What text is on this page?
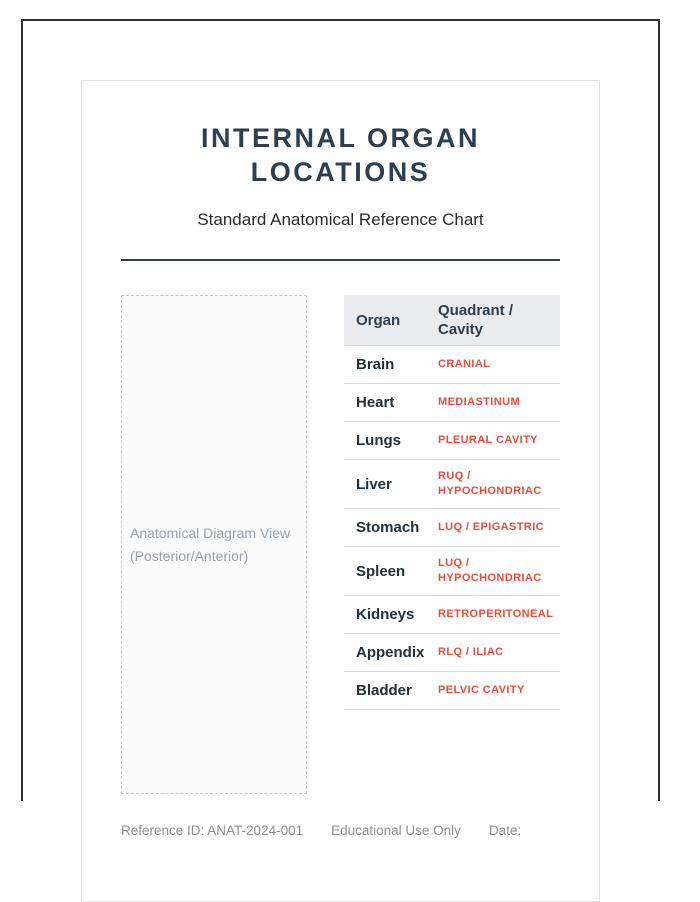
INTERNAL ORGAN LOCATIONS
Standard Anatomical Reference Chart
Anatomical Diagram View
(Posterior/Anterior)
Organ	Quadrant / Cavity
Brain	CRANIAL
Heart	MEDIASTINUM
Lungs	PLEURAL CAVITY
Liver	RUQ / HYPOCHONDRIAC
Stomach	LUQ / EPIGASTRIC
Spleen	LUQ / HYPOCHONDRIAC
Kidneys	RETROPERITONEAL
Appendix	RLQ / ILIAC
Bladder	PELVIC CAVITY
Reference ID: ANAT-2024-001 Educational Use Only Date:
